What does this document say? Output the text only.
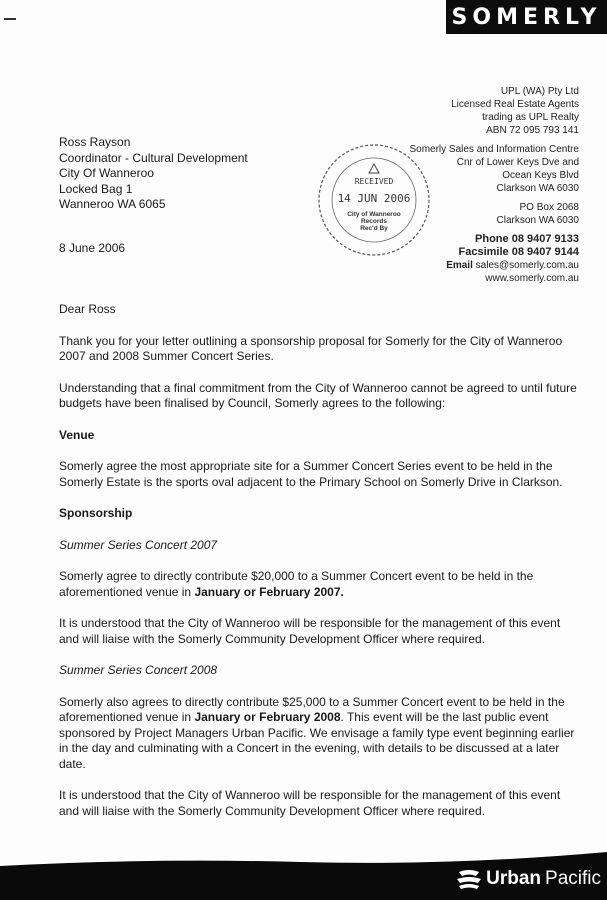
SOMERLY
UPL (WA) Pty Ltd
Licensed Real Estate Agents
trading as UPL Realty
ABN 72 095 793 141
Somerly Sales and Information Centre
Cnr of Lower Keys Dve and
Ocean Keys Blvd
Clarkson WA 6030
PO Box 2068
Clarkson WA 6030
Phone 08 9407 9133
Facsimile 08 9407 9144
Email sales@somerly.com.au
www.somerly.com.au
RECEIVED
14 JUN 2006
City of Wanneroo
Records
Rec'd By
Ross Rayson
Coordinator - Cultural Development
City Of Wanneroo
Locked Bag 1
Wanneroo WA 6065
8 June 2006

Dear Ross

Thank you for your letter outlining a sponsorship proposal for Somerly for the City of Wanneroo 2007 and 2008 Summer Concert Series.

Understanding that a final commitment from the City of Wanneroo cannot be agreed to until future budgets have been finalised by Council, Somerly agrees to the following:

Venue

Somerly agree the most appropriate site for a Summer Concert Series event to be held in the Somerly Estate is the sports oval adjacent to the Primary School on Somerly Drive in Clarkson.

Sponsorship

Summer Series Concert 2007

Somerly agree to directly contribute $20,000 to a Summer Concert event to be held in the aforementioned venue in January or February 2007.

It is understood that the City of Wanneroo will be responsible for the management of this event and will liaise with the Somerly Community Development Officer where required.

Summer Series Concert 2008

Somerly also agrees to directly contribute $25,000 to a Summer Concert event to be held in the aforementioned venue in January or February 2008. This event will be the last public event sponsored by Project Managers Urban Pacific. We envisage a family type event beginning earlier in the day and culminating with a Concert in the evening, with details to be discussed at a later date.

It is understood that the City of Wanneroo will be responsible for the management of this event and will liaise with the Somerly Community Development Officer where required.

Urban Pacific
